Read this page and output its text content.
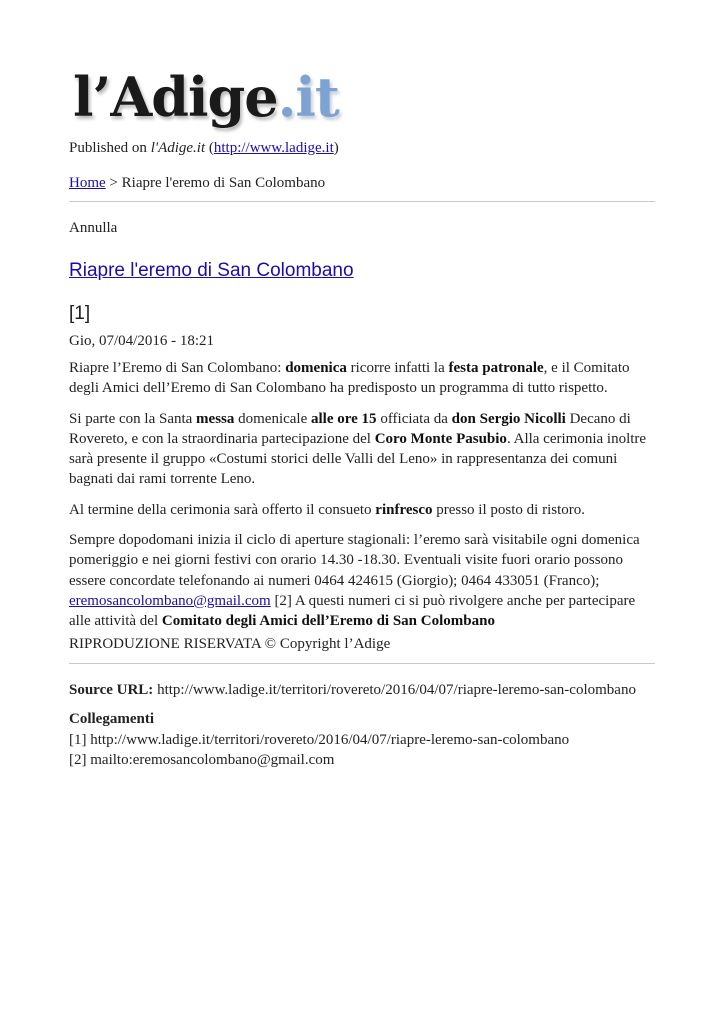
l’Adige.it
Published on l'Adige.it (http://www.ladige.it)
Home > Riapre l'eremo di San Colombano
Annulla
Riapre l'eremo di San Colombano
[1]
Gio, 07/04/2016 - 18:21

Riapre l’Eremo di San Colombano: domenica ricorre infatti la festa patronale, e il Comitato degli Amici dell’Eremo di San Colombano ha predisposto un programma di tutto rispetto.

Si parte con la Santa messa domenicale alle ore 15 officiata da don Sergio Nicolli Decano di Rovereto, e con la straordinaria partecipazione del Coro Monte Pasubio. Alla cerimonia inoltre sarà presente il gruppo «Costumi storici delle Valli del Leno» in rappresentanza dei comuni bagnati dai rami torrente Leno.

Al termine della cerimonia sarà offerto il consueto rinfresco presso il posto di ristoro.

Sempre dopodomani inizia il ciclo di aperture stagionali: l’eremo sarà visitabile ogni domenica pomeriggio e nei giorni festivi con orario 14.30 -18.30. Eventuali visite fuori orario possono essere concordate telefonando ai numeri 0464 424615 (Giorgio); 0464 433051 (Franco); eremosancolombano@gmail.com [2] A questi numeri ci si può rivolgere anche per partecipare alle attività del Comitato degli Amici dell’Eremo di San Colombano

RIPRODUZIONE RISERVATA © Copyright l’Adige
Source URL: http://www.ladige.it/territori/rovereto/2016/04/07/riapre-leremo-san-colombano
Collegamenti
[1] http://www.ladige.it/territori/rovereto/2016/04/07/riapre-leremo-san-colombano
[2] mailto:eremosancolombano@gmail.com
